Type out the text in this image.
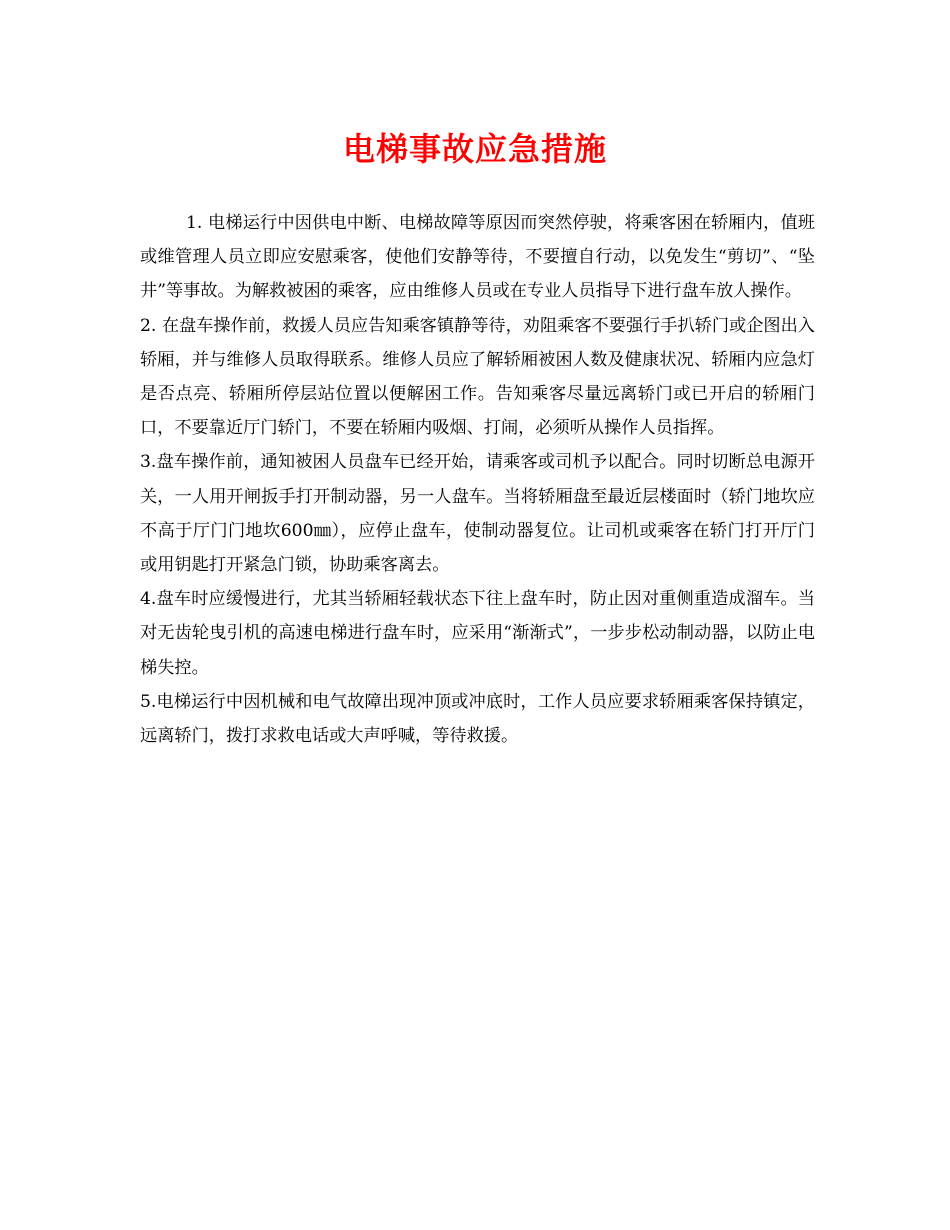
电梯事故应急措施

1. 电梯运行中因供电中断、电梯故障等原因而突然停驶，将乘客困在轿厢内，值班或维管理人员立即应安慰乘客，使他们安静等待，不要擅自行动，以免发生“剪切”、“坠井”等事故。为解救被困的乘客，应由维修人员或在专业人员指导下进行盘车放人操作。

2. 在盘车操作前，救援人员应告知乘客镇静等待，劝阻乘客不要强行手扒轿门或企图出入轿厢，并与维修人员取得联系。维修人员应了解轿厢被困人数及健康状况、轿厢内应急灯是否点亮、轿厢所停层站位置以便解困工作。告知乘客尽量远离轿门或已开启的轿厢门口，不要靠近厅门轿门，不要在轿厢内吸烟、打闹，必须听从操作人员指挥。

3.盘车操作前，通知被困人员盘车已经开始，请乘客或司机予以配合。同时切断总电源开关，一人用开闸扳手打开制动器，另一人盘车。当将轿厢盘至最近层楼面时（轿门地坎应不高于厅门门地坎600㎜），应停止盘车，使制动器复位。让司机或乘客在轿门打开厅门或用钥匙打开紧急门锁，协助乘客离去。

4.盘车时应缓慢进行，尤其当轿厢轻载状态下往上盘车时，防止因对重侧重造成溜车。当对无齿轮曳引机的高速电梯进行盘车时，应采用“渐渐式”，一步步松动制动器，以防止电梯失控。

5.电梯运行中因机械和电气故障出现冲顶或冲底时，工作人员应要求轿厢乘客保持镇定，远离轿门，拨打求救电话或大声呼喊，等待救援。
